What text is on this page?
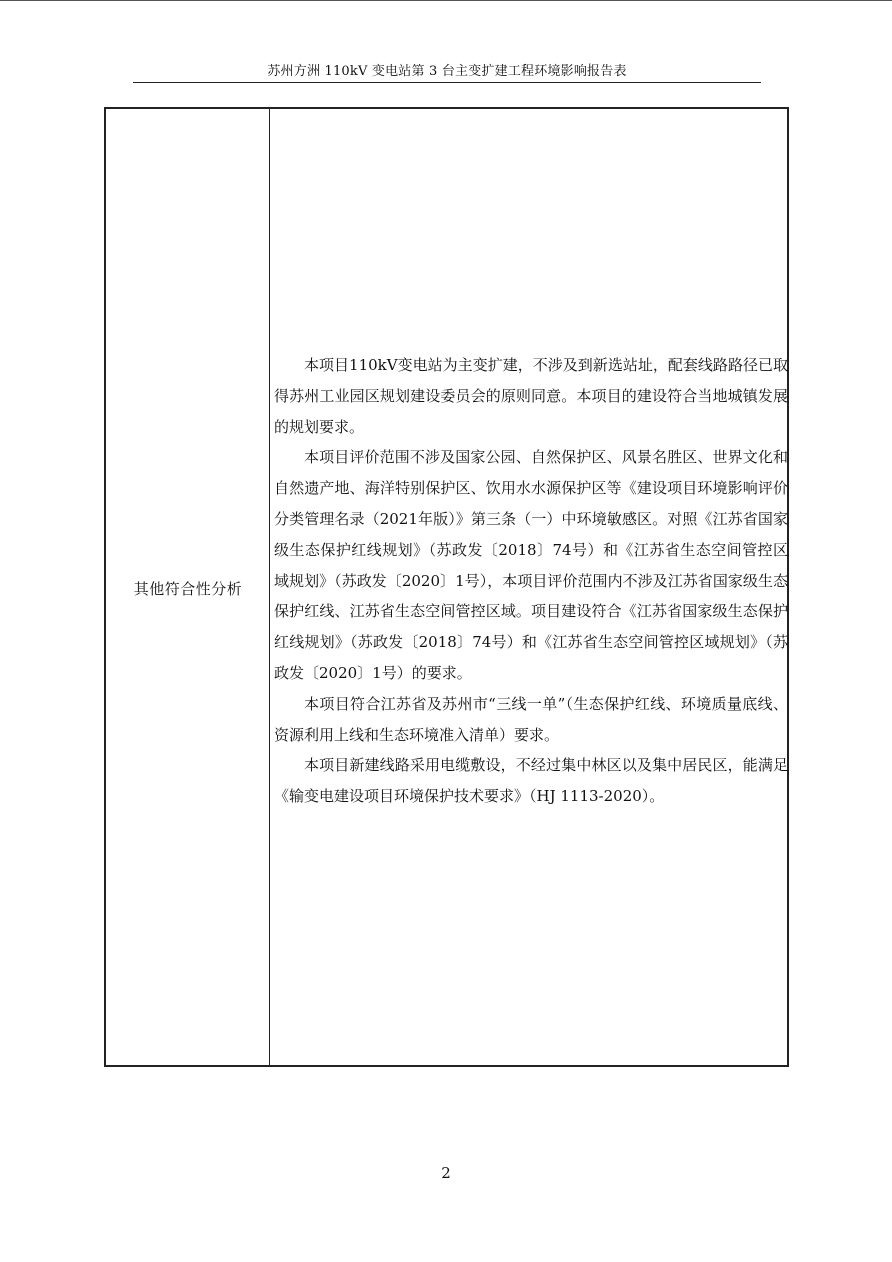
苏州方洲 110kV 变电站第 3 台主变扩建工程环境影响报告表
其他符合性分析

本项目110kV变电站为主变扩建，不涉及到新选站址，配套线路路径已取得苏州工业园区规划建设委员会的原则同意。本项目的建设符合当地城镇发展的规划要求。

本项目评价范围不涉及国家公园、自然保护区、风景名胜区、世界文化和自然遗产地、海洋特别保护区、饮用水水源保护区等《建设项目环境影响评价分类管理名录（2021年版）》第三条（一）中环境敏感区。对照《江苏省国家级生态保护红线规划》（苏政发〔2018〕74号）和《江苏省生态空间管控区域规划》（苏政发〔2020〕1号），本项目评价范围内不涉及江苏省国家级生态保护红线、江苏省生态空间管控区域。项目建设符合《江苏省国家级生态保护红线规划》（苏政发〔2018〕74号）和《江苏省生态空间管控区域规划》（苏政发〔2020〕1号）的要求。

本项目符合江苏省及苏州市“三线一单”（生态保护红线、环境质量底线、资源利用上线和生态环境准入清单）要求。

本项目新建线路采用电缆敷设，不经过集中林区以及集中居民区，能满足《输变电建设项目环境保护技术要求》（HJ 1113-2020）。

2
